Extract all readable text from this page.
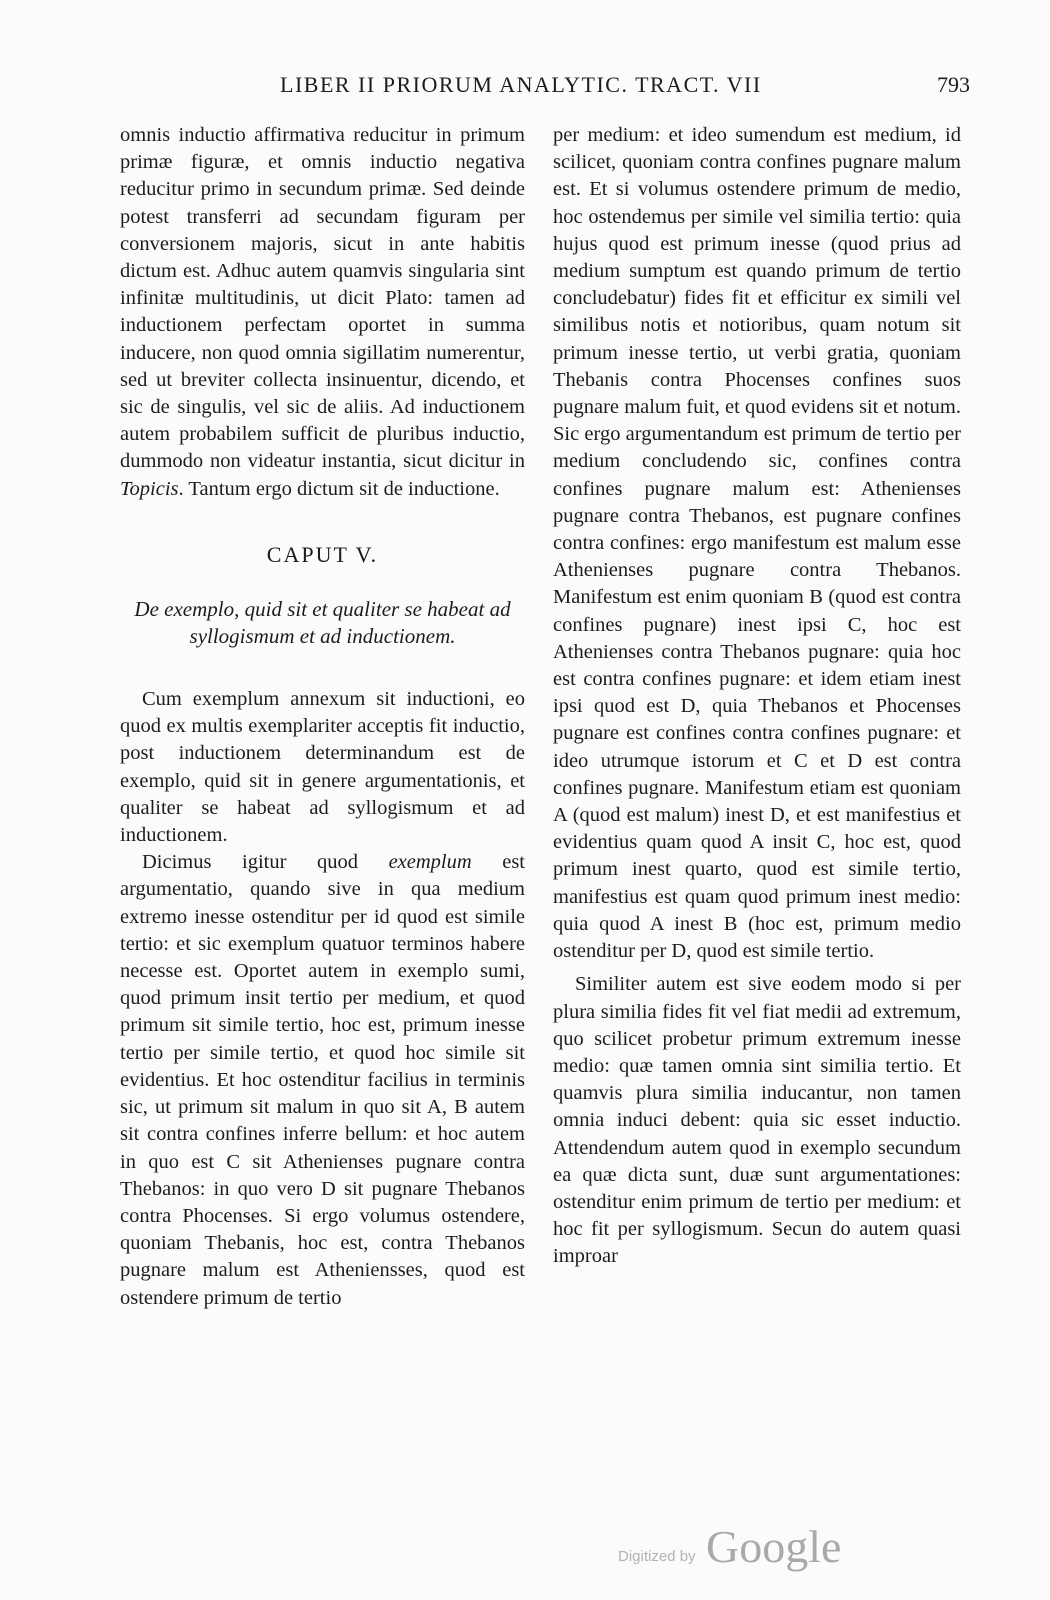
LIBER II PRIORUM ANALYTIC. TRACT. VII	793

omnis inductio affirmativa reducitur in primum primæ figuræ, et omnis inductio negativa reducitur primo in secundum primæ. Sed deinde potest transferri ad secundam figuram per conversionem majoris, sicut in ante habitis dictum est. Adhuc autem quamvis singularia sint infinitæ multitudinis, ut dicit Plato: tamen ad inductionem perfectam oportet in summa inducere, non quod omnia sigillatim numerentur, sed ut breviter collecta insinuentur, dicendo, et sic de singulis, vel sic de aliis. Ad inductionem autem probabilem sufficit de pluribus inductio, dummodo non videatur instantia, sicut dicitur in Topicis. Tantum ergo dictum sit de inductione.

CAPUT V.
De exemplo, quid sit et qualiter se habeat ad syllogismum et ad inductionem.

Cum exemplum annexum sit inductioni, eo quod ex multis exemplariter acceptis fit inductio, post inductionem determinandum est de exemplo, quid sit in genere argumentationis, et qualiter se habeat ad syllogismum et ad inductionem.

Dicimus igitur quod exemplum est argumentatio, quando sive in qua medium extremo inesse ostenditur per id quod est simile tertio: et sic exemplum quatuor terminos habere necesse est. Oportet autem in exemplo sumi, quod primum insit tertio per medium, et quod primum sit simile tertio, hoc est, primum inesse tertio per simile tertio, et quod hoc simile sit evidentius. Et hoc ostenditur facilius in terminis sic, ut primum sit malum in quo sit A, B autem sit contra confines inferre bellum: et hoc autem in quo est C sit Athenienses pugnare contra Thebanos: in quo vero D sit pugnare Thebanos contra Phocenses. Si ergo volumus ostendere, quoniam Thebanis, hoc est, contra Thebanos pugnare malum est Atheniensses, quod est ostendere primum de tertio

per medium: et ideo sumendum est medium, id scilicet, quoniam contra confines pugnare malum est. Et si volumus ostendere primum de medio, hoc ostendemus per simile vel similia tertio: quia hujus quod est primum inesse (quod prius ad medium sumptum est quando primum de tertio concludebatur) fides fit et efficitur ex simili vel similibus notis et notioribus, quam notum sit primum inesse tertio, ut verbi gratia, quoniam Thebanis contra Phocenses confines suos pugnare malum fuit, et quod evidens sit et notum. Sic ergo argumentandum est primum de tertio per medium concludendo sic, confines contra confines pugnare malum est: Athenienses pugnare contra Thebanos, est pugnare confines contra confines: ergo manifestum est malum esse Athenienses pugnare contra Thebanos. Manifestum est enim quoniam B (quod est contra confines pugnare) inest ipsi C, hoc est Athenienses contra Thebanos pugnare: quia hoc est contra confines pugnare: et idem etiam inest ipsi quod est D, quia Thebanos et Phocenses pugnare est confines contra confines pugnare: et ideo utrumque istorum et C et D est contra confines pugnare. Manifestum etiam est quoniam A (quod est malum) inest D, et est manifestius et evidentius quam quod A insit C, hoc est, quod primum inest quarto, quod est simile tertio, manifestius est quam quod primum inest medio: quia quod A inest B (hoc est, primum medio ostenditur per D, quod est simile tertio.

Similiter autem est sive eodem modo si per plura similia fides fit vel fiat medii ad extremum, quo scilicet probetur primum extremum inesse medio: quæ tamen omnia sint similia tertio. Et quamvis plura similia inducantur, non tamen omnia induci debent: quia sic esset inductio. Attendendum autem quod in exemplo secundum ea quæ dicta sunt, duæ sunt argumentationes: ostenditur enim primum de tertio per medium: et hoc fit per syllogismum. Secun do autem quasi improar

Digitized by Google
